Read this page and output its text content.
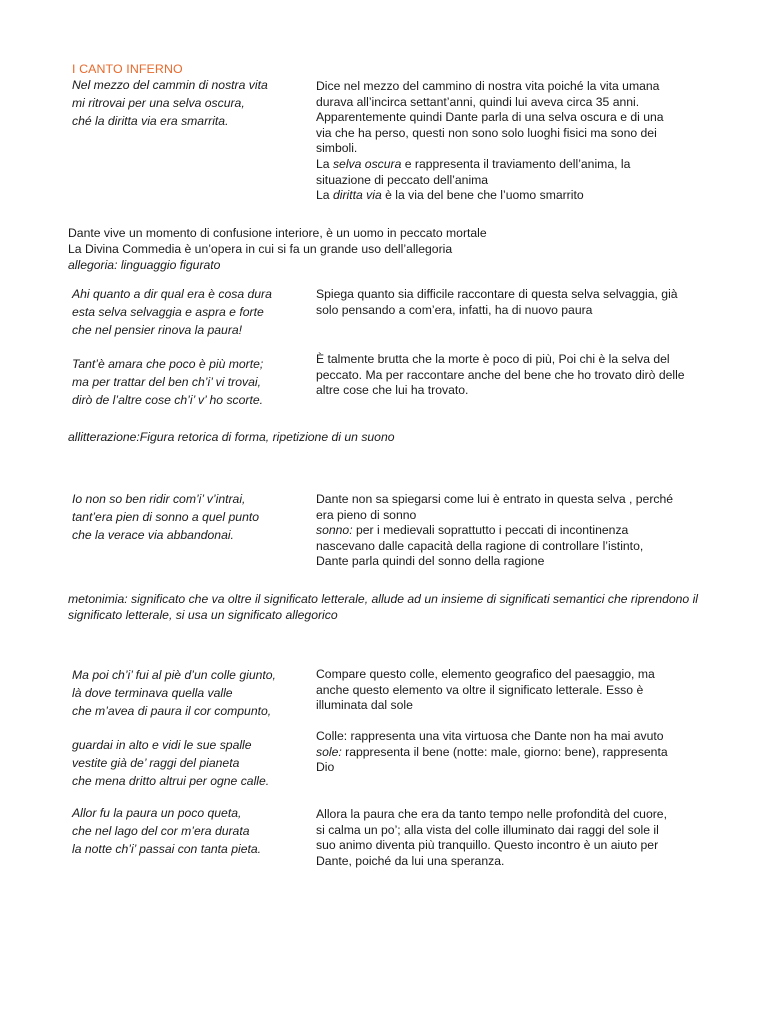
I CANTO INFERNO
Nel mezzo del cammin di nostra vita
mi ritrovai per una selva oscura,
ché la diritta via era smarrita.
Dice nel mezzo del cammino di nostra vita poiché la vita umana
durava all’incirca settant’anni, quindi lui aveva circa 35 anni.
Apparentemente quindi Dante parla di una selva oscura e di una
via che ha perso, questi non sono solo luoghi fisici ma sono dei
simboli.
La selva oscura e rappresenta il traviamento dell’anima, la
situazione di peccato dell’anima
La diritta via è la via del bene che l’uomo smarrito
Dante vive un momento di confusione interiore, è un uomo in peccato mortale
La Divina Commedia è un’opera in cui si fa un grande uso dell’allegoria
allegoria: linguaggio figurato
Ahi quanto a dir qual era è cosa dura
esta selva selvaggia e aspra e forte
che nel pensier rinova la paura!
Spiega quanto sia difficile raccontare di questa selva selvaggia, già
solo pensando a com’era, infatti, ha di nuovo paura
Tant’è amara che poco è più morte;
ma per trattar del ben ch’i’ vi trovai,
dirò de l’altre cose ch’i’ v’ ho scorte.
È talmente brutta che la morte è poco di più, Poi chi è la selva del
peccato. Ma per raccontare anche del bene che ho trovato dirò delle
altre cose che lui ha trovato.
allitterazione:Figura retorica di forma, ripetizione di un suono
Io non so ben ridir com’i’ v’intrai,
tant’era pien di sonno a quel punto
che la verace via abbandonai.
Dante non sa spiegarsi come lui è entrato in questa selva , perché
era pieno di sonno
sonno: per i medievali soprattutto i peccati di incontinenza
nascevano dalle capacità della ragione di controllare l’istinto,
Dante parla quindi del sonno della ragione
metonimia: significato che va oltre il significato letterale, allude ad un insieme di significati semantici che riprendono il
significato letterale, si usa un significato allegorico
Ma poi ch’i’ fui al piè d’un colle giunto,
là dove terminava quella valle
che m’avea di paura il cor compunto,
Compare questo colle, elemento geografico del paesaggio, ma
anche questo elemento va oltre il significato letterale. Esso è
illuminata dal sole
guardai in alto e vidi le sue spalle
vestite già de’ raggi del pianeta
che mena dritto altrui per ogne calle.
Colle: rappresenta una vita virtuosa che Dante non ha mai avuto
sole: rappresenta il bene (notte: male, giorno: bene), rappresenta
Dio
Allor fu la paura un poco queta,
che nel lago del cor m’era durata
la notte ch’i’ passai con tanta pieta.
Allora la paura che era da tanto tempo nelle profondità del cuore,
si calma un po’; alla vista del colle illuminato dai raggi del sole il
suo animo diventa più tranquillo. Questo incontro è un aiuto per
Dante, poiché da lui una speranza.
